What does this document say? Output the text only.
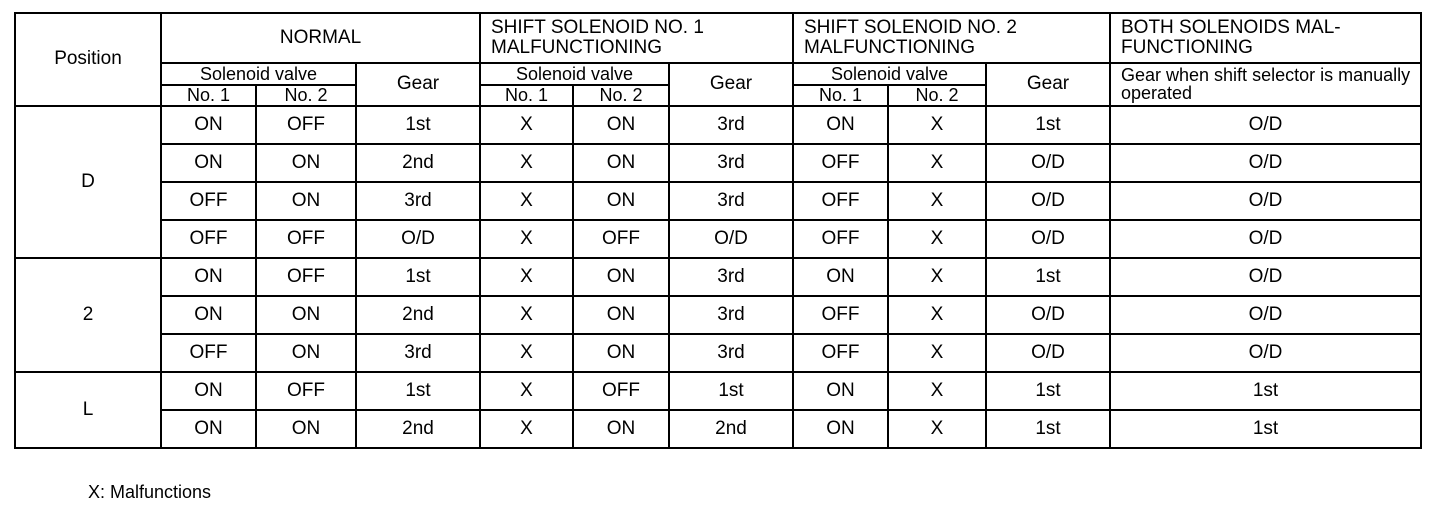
Position	NORMAL			SHIFT SOLENOID NO. 1 MALFUNCTIONING			SHIFT SOLENOID NO. 2 MALFUNCTIONING			BOTH SOLENOIDS MAL- FUNCTIONING
	Solenoid valve		Gear	Solenoid valve		Gear	Solenoid valve		Gear	Gear when shift selector is manually operated
	No. 1	No. 2		No. 1	No. 2		No. 1	No. 2		
D	ON	OFF	1st	X	ON	3rd	ON	X	1st	O/D
	ON	ON	2nd	X	ON	3rd	OFF	X	O/D	O/D
	OFF	ON	3rd	X	ON	3rd	OFF	X	O/D	O/D
	OFF	OFF	O/D	X	OFF	O/D	OFF	X	O/D	O/D
2	ON	OFF	1st	X	ON	3rd	ON	X	1st	O/D
	ON	ON	2nd	X	ON	3rd	OFF	X	O/D	O/D
	OFF	ON	3rd	X	ON	3rd	OFF	X	O/D	O/D
L	ON	OFF	1st	X	OFF	1st	ON	X	1st	1st
	ON	ON	2nd	X	ON	2nd	ON	X	1st	1st
X: Malfunctions
